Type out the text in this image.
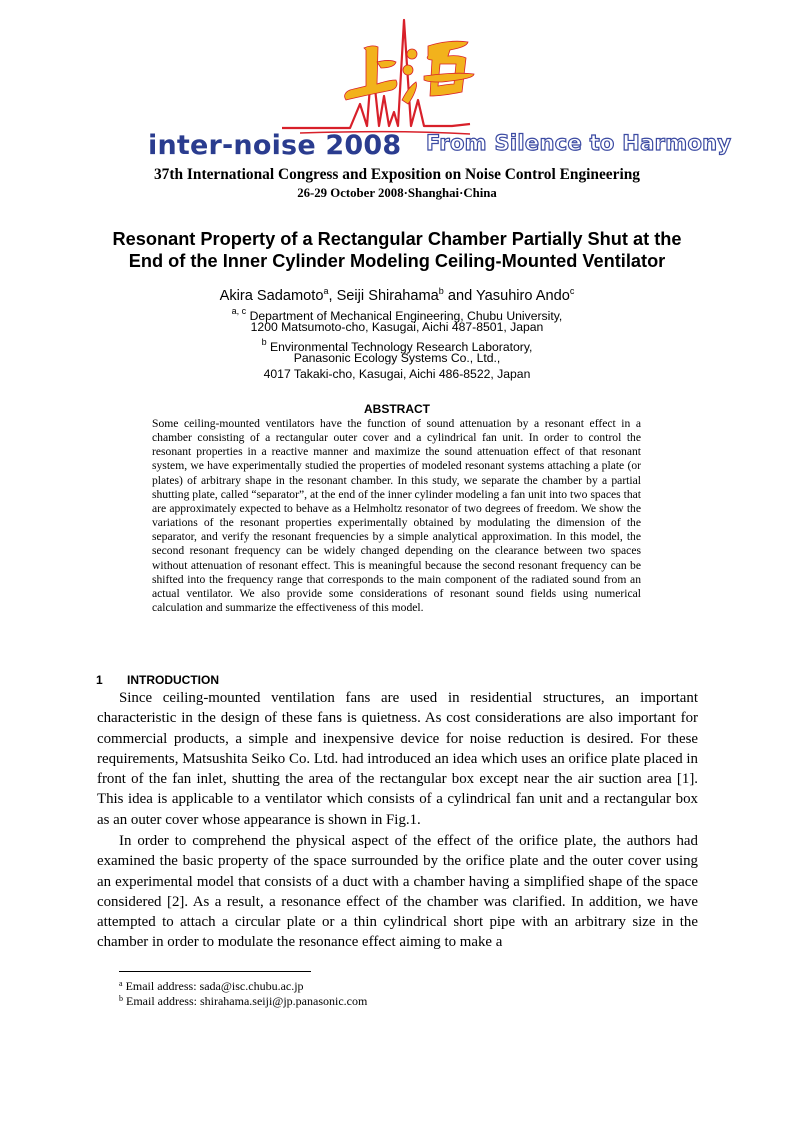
inter-noise 2008 From Silence to Harmony
37th International Congress and Exposition on Noise Control Engineering
26-29 October 2008·Shanghai·China
Resonant Property of a Rectangular Chamber Partially Shut at the
End of the Inner Cylinder Modeling Ceiling-Mounted Ventilator
Akira Sadamoto$^a$, Seiji Shirahama$^b$ and Yasuhiro Ando$^c$
$^{a, c}$ Department of Mechanical Engineering, Chubu University,
1200 Matsumoto-cho, Kasugai, Aichi 487-8501, Japan
$^b$ Environmental Technology Research Laboratory,
Panasonic Ecology Systems Co., Ltd.,
4017 Takaki-cho, Kasugai, Aichi 486-8522, Japan
ABSTRACT
Some ceiling-mounted ventilators have the function of sound attenuation by a resonant effect in a chamber consisting of a rectangular outer cover and a cylindrical fan unit. In order to control the resonant properties in a reactive manner and maximize the sound attenuation effect of that resonant system, we have experimentally studied the properties of modeled resonant systems attaching a plate (or plates) of arbitrary shape in the resonant chamber. In this study, we separate the chamber by a partial shutting plate, called “separator”, at the end of the inner cylinder modeling a fan unit into two spaces that are approximately expected to behave as a Helmholtz resonator of two degrees of freedom. We show the variations of the resonant properties experimentally obtained by modulating the dimension of the separator, and verify the resonant frequencies by a simple analytical approximation. In this model, the second resonant frequency can be widely changed depending on the clearance between two spaces without attenuation of resonant effect. This is meaningful because the second resonant frequency can be shifted into the frequency range that corresponds to the main component of the radiated sound from an actual ventilator. We also provide some considerations of resonant sound fields using numerical calculation and summarize the effectiveness of this model.
1 INTRODUCTION
Since ceiling-mounted ventilation fans are used in residential structures, an important characteristic in the design of these fans is quietness. As cost considerations are also important for commercial products, a simple and inexpensive device for noise reduction is desired. For these requirements, Matsushita Seiko Co. Ltd. had introduced an idea which uses an orifice plate placed in front of the fan inlet, shutting the area of the rectangular box except near the air suction area [1]. This idea is applicable to a ventilator which consists of a cylindrical fan unit and a rectangular box as an outer cover whose appearance is shown in Fig.1.
In order to comprehend the physical aspect of the effect of the orifice plate, the authors had examined the basic property of the space surrounded by the orifice plate and the outer cover using an experimental model that consists of a duct with a chamber having a simplified shape of the space considered [2]. As a result, a resonance effect of the chamber was clarified. In addition, we have attempted to attach a circular plate or a thin cylindrical short pipe with an arbitrary size in the chamber in order to modulate the resonance effect aiming to make a
$^a$ Email address: sada@isc.chubu.ac.jp
$^b$ Email address: shirahama.seiji@jp.panasonic.com
